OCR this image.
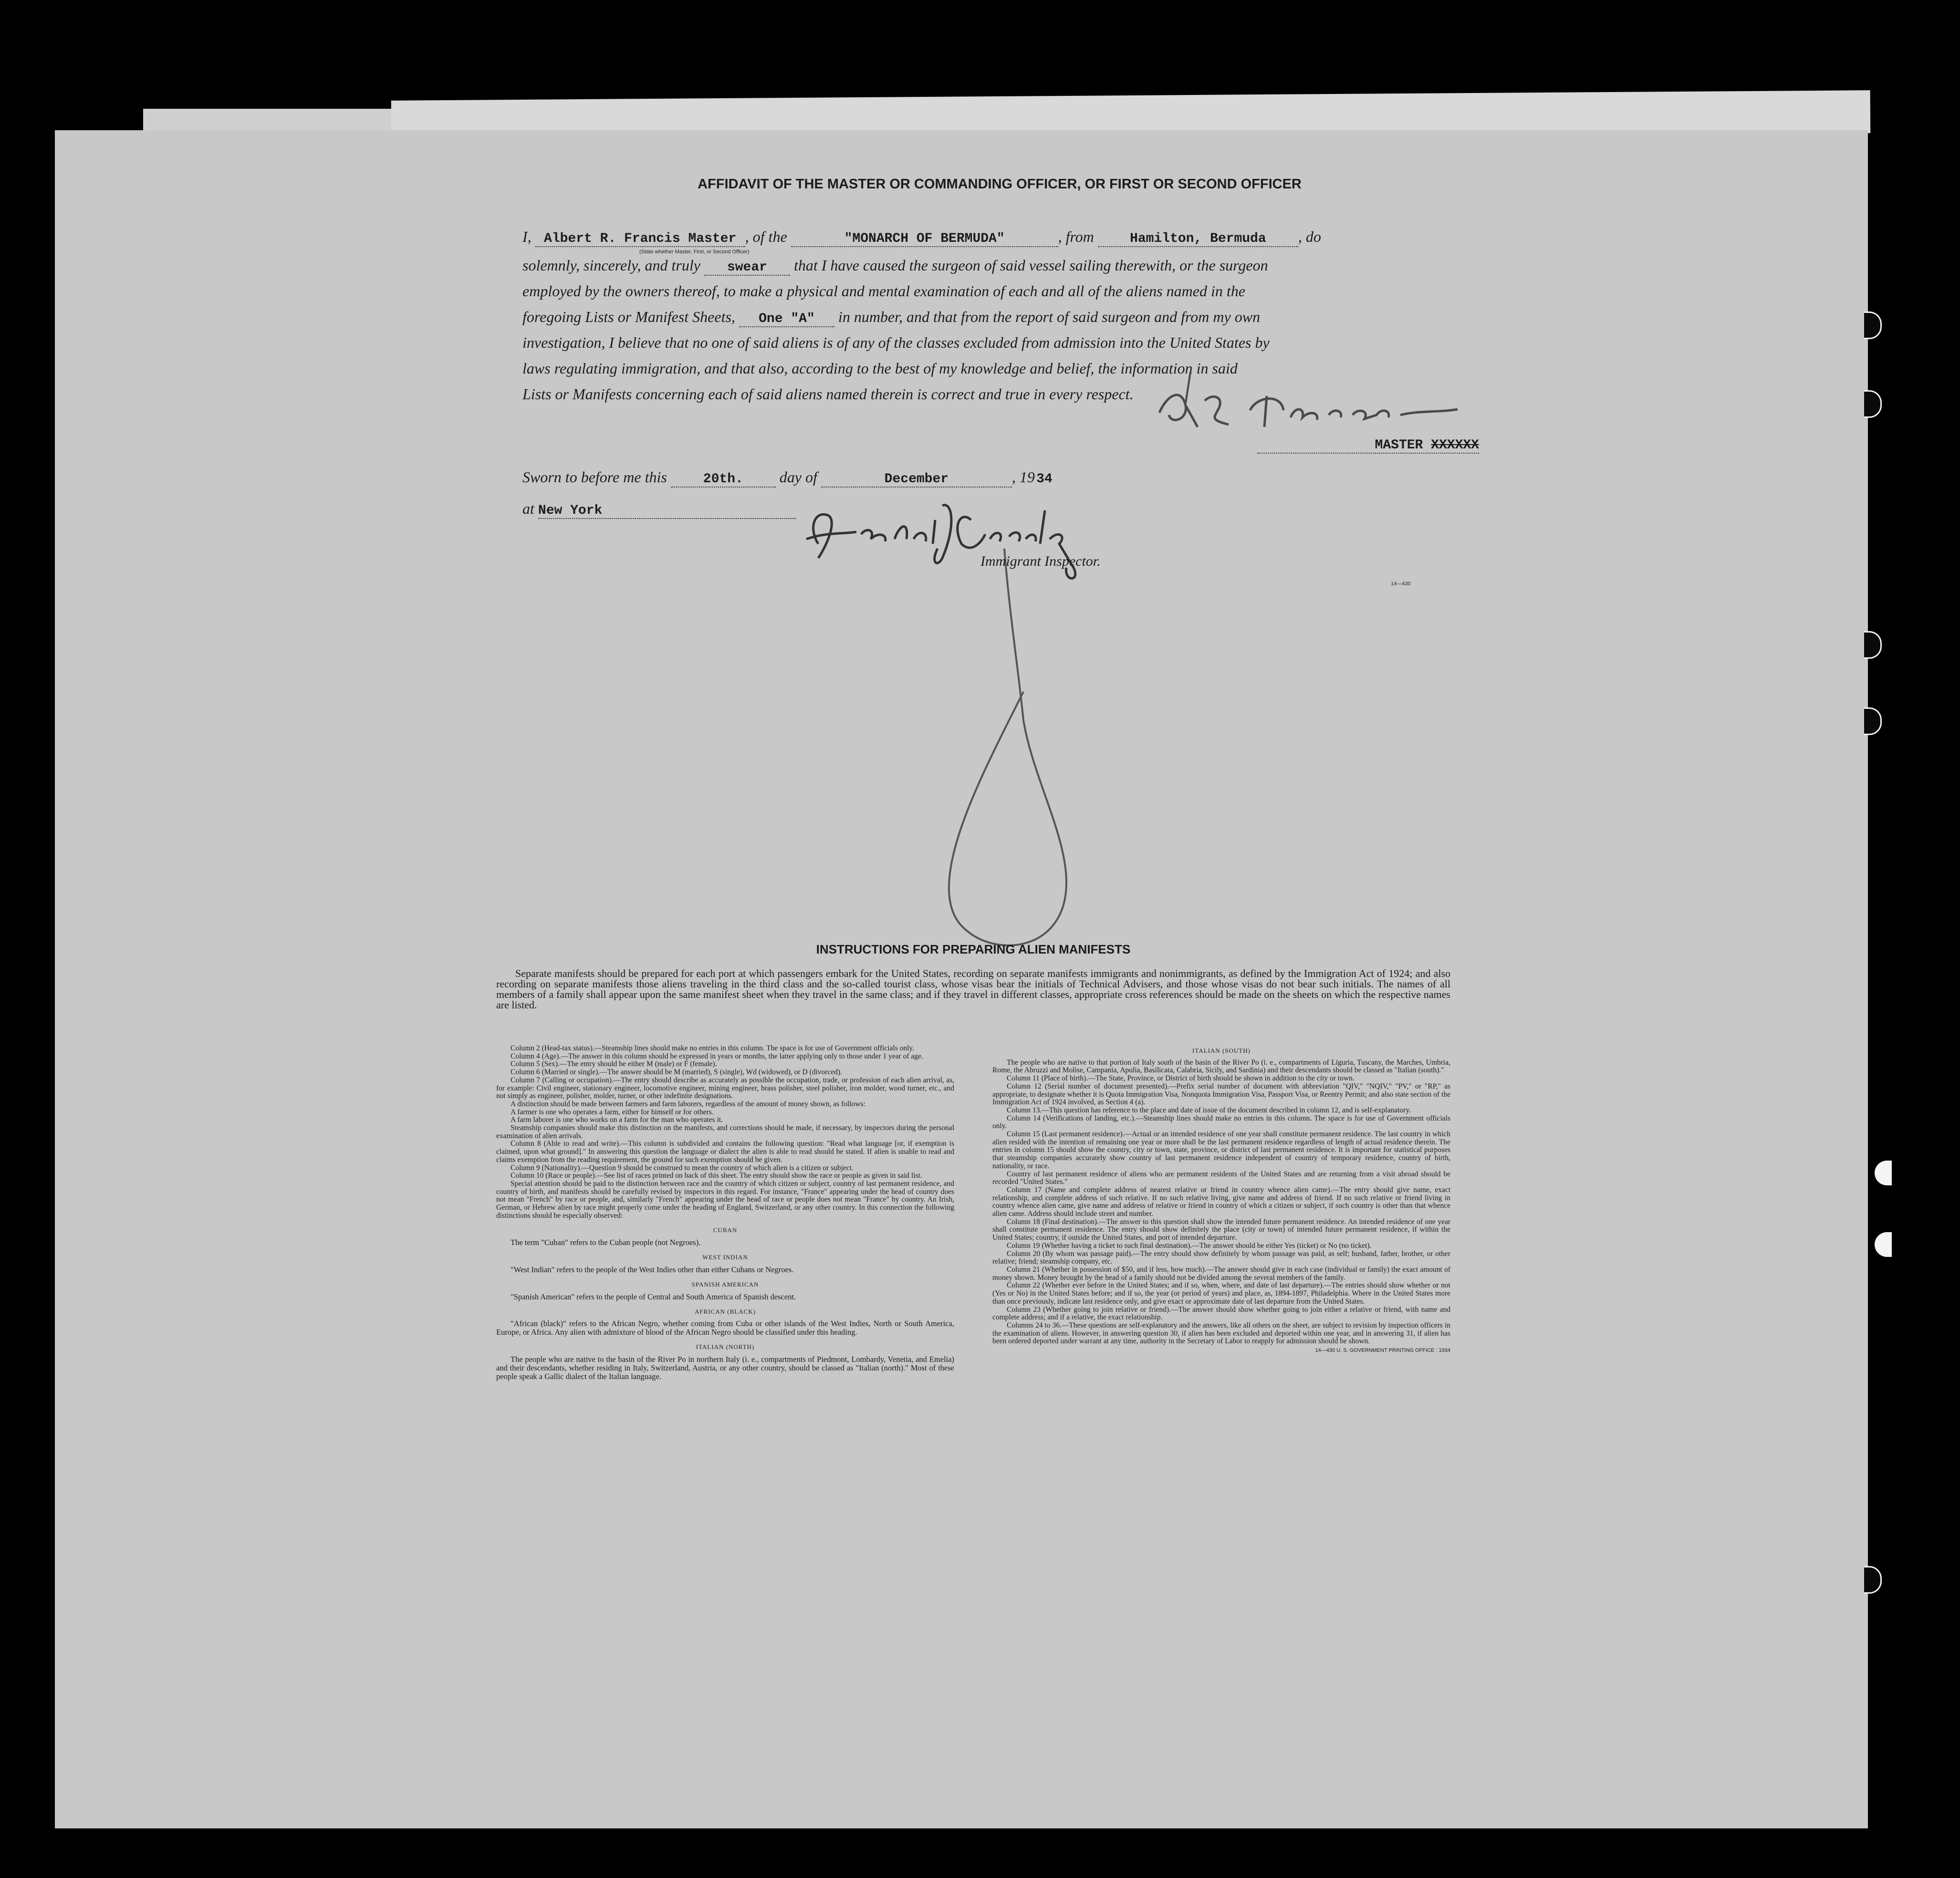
AFFIDAVIT OF THE MASTER OR COMMANDING OFFICER, OR FIRST OR SECOND OFFICER
I, Albert R. Francis Master , of the	"MONARCH OF BERMUDA"	, from	Hamilton, Bermuda , do
(State whether Master, First, or Second Officer)
solemnly, sincerely, and truly swear that I have caused the surgeon of said vessel sailing therewith, or the surgeon
employed by the owners thereof, to make a physical and mental examination of each and all of the aliens named in the
foregoing Lists or Manifest Sheets, One "A" in number, and that from the report of said surgeon and from my own
investigation, I believe that no one of said aliens is of any of the classes excluded from admission into the United States by
laws regulating immigration, and that also, according to the best of my knowledge and belief, the information in said
Lists or Manifests concerning each of said aliens named therein is correct and true in every respect.
MASTER XXXXXX
Sworn to before me this	20th. day of	December	, 19 34
at New York
Immigrant Inspector.
14—430
INSTRUCTIONS FOR PREPARING ALIEN MANIFESTS

Separate manifests should be prepared for each port at which passengers embark for the United States, recording on separate manifests immigrants and nonimmigrants, as defined by the Immigration Act of 1924; and also recording on separate manifests those aliens traveling in the third class and the so-called tourist class, whose visas bear the initials of Technical Advisers, and those whose visas do not bear such initials. The names of all members of a family shall appear upon the same manifest sheet when they travel in the same class; and if they travel in different classes, appropriate cross references should be made on the sheets on which the respective names are listed.

Column 2 (Head-tax status).—Steamship lines should make no entries in this column. The space is for use of Government officials only.

Column 4 (Age).—The answer in this column should be expressed in years or months, the latter applying only to those under 1 year of age.

Column 5 (Sex).—The entry should be either M (male) or F (female).

Column 6 (Married or single).—The answer should be M (married), S (single), Wd (widowed), or D (divorced).

Column 7 (Calling or occupation).—The entry should describe as accurately as possible the occupation, trade, or profession of each alien arrival, as, for example: Civil engineer, stationary engineer, locomotive engineer, mining engineer, brass polisher, steel polisher, iron molder, wood turner, etc., and not simply as engineer, polisher, molder, turner, or other indefinite designations.

A distinction should be made between farmers and farm laborers, regardless of the amount of money shown, as follows:

A farmer is one who operates a farm, either for himself or for others.

A farm laborer is one who works on a farm for the man who operates it.

Steamship companies should make this distinction on the manifests, and corrections should be made, if necessary, by inspectors during the personal examination of alien arrivals.

Column 8 (Able to read and write).—This column is subdivided and contains the following question: "Read what language [or, if exemption is claimed, upon what ground]." In answering this question the language or dialect the alien is able to read should be stated. If alien is unable to read and claims exemption from the reading requirement, the ground for such exemption should be given.

Column 9 (Nationality).—Question 9 should be construed to mean the country of which alien is a citizen or subject.

Column 10 (Race or people).—See list of races printed on back of this sheet. The entry should show the race or people as given in said list.

Special attention should be paid to the distinction between race and the country of which citizen or subject, country of last permanent residence, and country of birth, and manifests should be carefully revised by inspectors in this regard. For instance, "France" appearing under the head of country does not mean "French" by race or people, and, similarly "French" appearing under the head of race or people does not mean "France" by country. An Irish, German, or Hebrew alien by race might properly come under the heading of England, Switzerland, or any other country. In this connection the following distinctions should be especially observed:

CUBAN

The term "Cuban" refers to the Cuban people (not Negroes).

WEST INDIAN

"West Indian" refers to the people of the West Indies other than either Cubans or Negroes.

SPANISH AMERICAN

"Spanish American" refers to the people of Central and South America of Spanish descent.

AFRICAN (BLACK)

"African (black)" refers to the African Negro, whether coming from Cuba or other islands of the West Indies, North or South America, Europe, or Africa. Any alien with admixture of blood of the African Negro should be classified under this heading.

ITALIAN (NORTH)

The people who are native to the basin of the River Po in northern Italy (i. e., compartments of Piedmont, Lombardy, Venetia, and Emelia) and their descendants, whether residing in Italy, Switzerland, Austria, or any other country, should be classed as "Italian (north)." Most of these people speak a Gallic dialect of the Italian language.

ITALIAN (SOUTH)

The people who are native to that portion of Italy south of the basin of the River Po (i. e., compartments of Liguria, Tuscany, the Marches, Umbria, Rome, the Abruzzi and Molise, Campania, Apulia, Basilicata, Calabria, Sicily, and Sardinia) and their descendants should be classed as "Italian (south)."

Column 11 (Place of birth).—The State, Province, or District of birth should be shown in addition to the city or town.

Column 12 (Serial number of document presented).—Prefix serial number of document with abbreviation "QIV," "NQIV," "PV," or "RP," as appropriate, to designate whether it is Quota Immigration Visa, Nonquota Immigration Visa, Passport Visa, or Reentry Permit; and also state section of the Immigration Act of 1924 involved, as Section 4 (a).

Column 13.—This question has reference to the place and date of issue of the document described in column 12, and is self-explanatory.

Column 14 (Verifications of landing, etc.).—Steamship lines should make no entries in this column. The space is for use of Government officials only.

Column 15 (Last permanent residence).—Actual or an intended residence of one year shall constitute permanent residence. The last country in which alien resided with the intention of remaining one year or more shall be the last permanent residence regardless of length of actual residence therein. The entries in column 15 should show the country, city or town, state, province, or district of last permanent residence. It is important for statistical purposes that steamship companies accurately show country of last permanent residence independent of country of temporary residence, country of birth, nationality, or race.

Country of last permanent residence of aliens who are permanent residents of the United States and are returning from a visit abroad should be recorded "United States."

Column 17 (Name and complete address of nearest relative or friend in country whence alien came).—The entry should give name, exact relationship, and complete address of such relative. If no such relative living, give name and address of friend. If no such relative or friend living in country whence alien came, give name and address of relative or friend in country of which a citizen or subject, if such country is other than that whence alien came. Address should include street and number.

Column 18 (Final destination).—The answer to this question shall show the intended future permanent residence. An intended residence of one year shall constitute permanent residence. The entry should show definitely the place (city or town) of intended future permanent residence, if within the United States; country, if outside the United States, and port of intended departure.

Column 19 (Whether having a ticket to such final destination).—The answer should be either Yes (ticket) or No (no ticket).

Column 20 (By whom was passage paid).—The entry should show definitely by whom passage was paid, as self; husband, father, brother, or other relative; friend; steamship company, etc.

Column 21 (Whether in possession of $50, and if less, how much).—The answer should give in each case (individual or family) the exact amount of money shown. Money brought by the head of a family should not be divided among the several members of the family.

Column 22 (Whether ever before in the United States; and if so, when, where, and date of last departure).—The entries should show whether or not (Yes or No) in the United States before; and if so, the year (or period of years) and place, as, 1894-1897, Philadelphia. Where in the United States more than once previously, indicate last residence only, and give exact or approximate date of last departure from the United States.

Column 23 (Whether going to join relative or friend).—The answer should show whether going to join either a relative or friend, with name and complete address; and if a relative, the exact relationship.

Columns 24 to 36.—These questions are self-explanatory and the answers, like all others on the sheet, are subject to revision by inspection officers in the examination of aliens. However, in answering question 30, if alien has been excluded and deported within one year, and in answering 31, if alien has been ordered deported under warrant at any time, authority in the Secretary of Labor to reapply for admission should be shown.

14—430 U. S. GOVERNMENT PRINTING OFFICE : 1934
